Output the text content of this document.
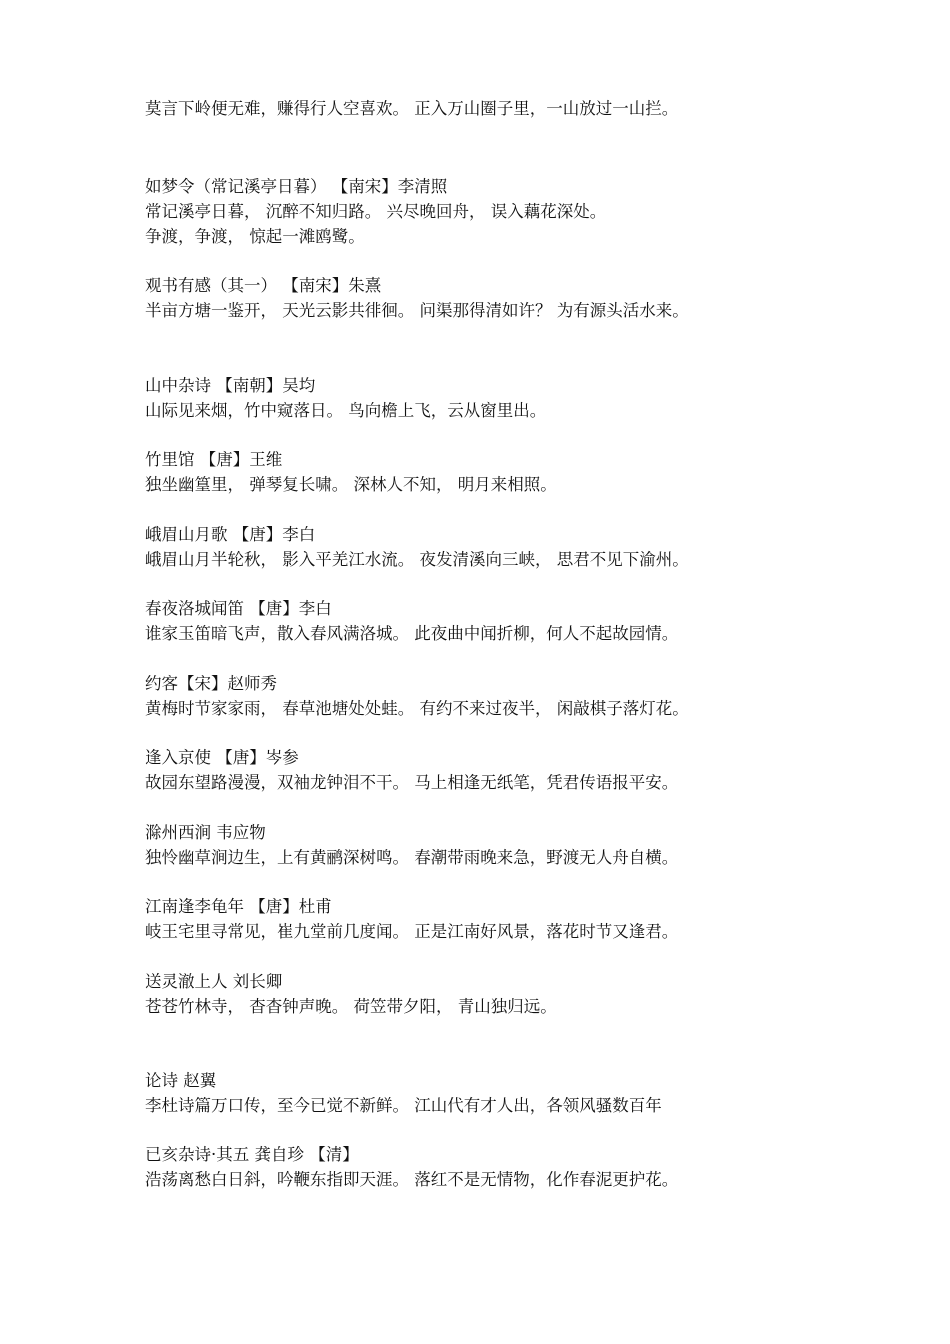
莫言下岭便无难，赚得行人空喜欢。 正入万山圈子里，一山放过一山拦。
如梦令（常记溪亭日暮） 【南宋】李清照
常记溪亭日暮， 沉醉不知归路。 兴尽晚回舟， 误入藕花深处。
争渡，争渡， 惊起一滩鸥鹭。
观书有感（其一） 【南宋】朱熹
半亩方塘一鉴开， 天光云影共徘徊。 问渠那得清如许？ 为有源头活水来。
山中杂诗 【南朝】吴均
山际见来烟，竹中窥落日。 鸟向檐上飞，云从窗里出。
竹里馆 【唐】王维
独坐幽篁里， 弹琴复长啸。 深林人不知， 明月来相照。
峨眉山月歌 【唐】李白
峨眉山月半轮秋， 影入平羌江水流。 夜发清溪向三峡， 思君不见下渝州。
春夜洛城闻笛 【唐】李白
谁家玉笛暗飞声，散入春风满洛城。 此夜曲中闻折柳，何人不起故园情。
约客【宋】赵师秀
黄梅时节家家雨， 春草池塘处处蛙。 有约不来过夜半， 闲敲棋子落灯花。
逢入京使 【唐】岑参
故园东望路漫漫，双袖龙钟泪不干。 马上相逢无纸笔，凭君传语报平安。
滁州西涧 韦应物
独怜幽草涧边生，上有黄鹂深树鸣。 春潮带雨晚来急，野渡无人舟自横。
江南逢李龟年 【唐】杜甫
岐王宅里寻常见，崔九堂前几度闻。 正是江南好风景，落花时节又逢君。
送灵澈上人 刘长卿
苍苍竹林寺， 杳杳钟声晚。 荷笠带夕阳， 青山独归远。
论诗 赵翼
李杜诗篇万口传，至今已觉不新鲜。 江山代有才人出，各领风骚数百年
已亥杂诗·其五 龚自珍 【清】
浩荡离愁白日斜，吟鞭东指即天涯。 落红不是无情物，化作春泥更护花。
